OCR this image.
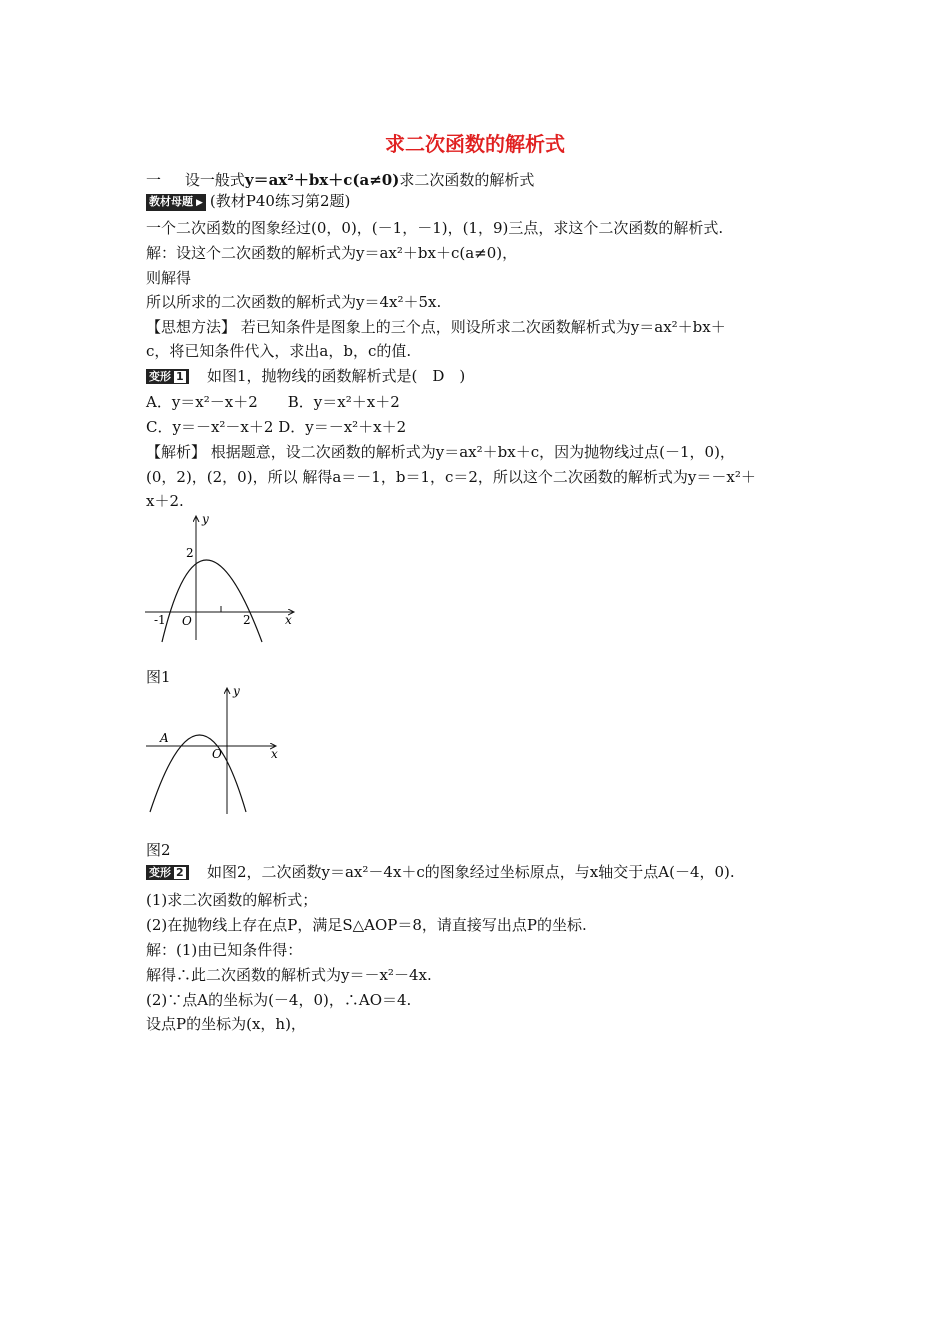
求二次函数的解析式
一 设一般式y＝ax²＋bx＋c(a≠0)求二次函数的解析式
教材母题 ▶ (教材P40练习第2题)
一个二次函数的图象经过(0，0)，(－1，－1)，(1，9)三点，求这个二次函数的解析式.
解：设这个二次函数的解析式为y＝ax²＋bx＋c(a≠0)，
则解得
所以所求的二次函数的解析式为y＝4x²＋5x.
【思想方法】 若已知条件是图象上的三个点，则设所求二次函数解析式为y＝ax²＋bx＋
c，将已知条件代入，求出a，b，c的值.
变形 1 如图1，抛物线的函数解析式是(　D　)
A．y＝x²－x＋2　　B．y＝x²＋x＋2
C．y＝－x²－x＋2 D．y＝－x²＋x＋2
【解析】 根据题意，设二次函数的解析式为y＝ax²＋bx＋c，因为抛物线过点(－1，0)，
(0，2)，(2，0)，所以 解得a＝－1，b＝1，c＝2，所以这个二次函数的解析式为y＝－x²＋
x＋2.
y
x
O
2
-1	2
图1
y
x
O
A
图2
变形 2 如图2，二次函数y＝ax²－4x＋c的图象经过坐标原点，与x轴交于点A(－4，0).
(1)求二次函数的解析式；
(2)在抛物线上存在点P，满足S△AOP＝8，请直接写出点P的坐标.
解：(1)由已知条件得：
解得∴此二次函数的解析式为y＝－x²－4x.
(2)∵点A的坐标为(－4，0)，∴AO＝4.
设点P的坐标为(x，h)，
